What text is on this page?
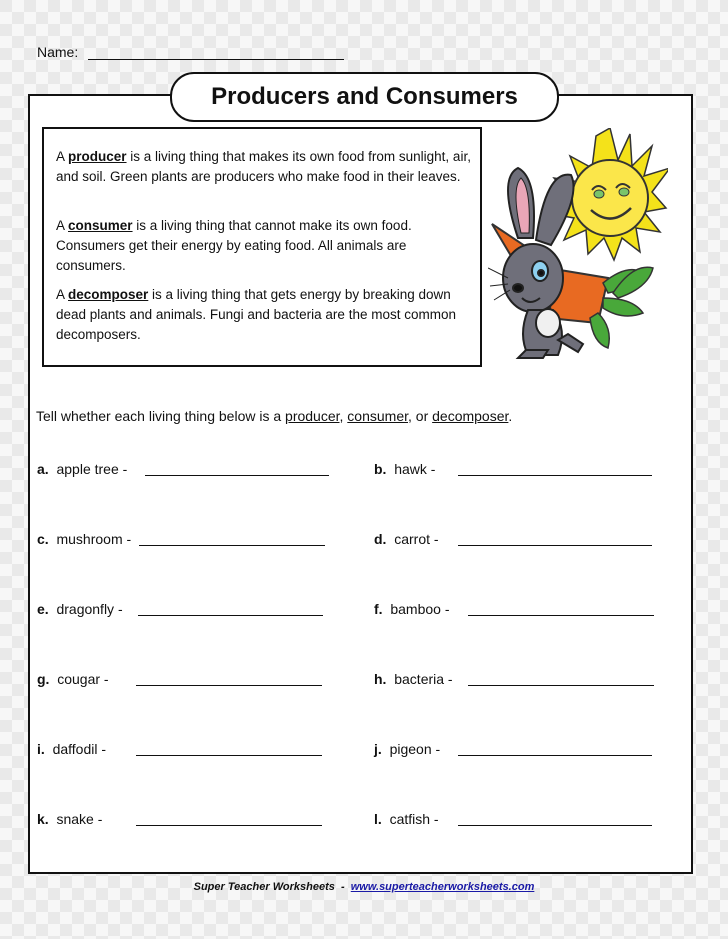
Name:
Producers and Consumers

A producer is a living thing that makes its own food from sunlight, air, and soil. Green plants are producers who make food in their leaves.

A consumer is a living thing that cannot make its own food. Consumers get their energy by eating food. All animals are consumers.

A decomposer is a living thing that gets energy by breaking down dead plants and animals. Fungi and bacteria are the most common decomposers.

Tell whether each living thing below is a producer, consumer, or decomposer.
a. apple tree -
c. mushroom -
e. dragonfly -
g. cougar -
i. daffodil -
k. snake -
b. hawk -
d. carrot -
f. bamboo -
h. bacteria -
j. pigeon -
l. catfish -
Super Teacher Worksheets  -  www.superteacherworksheets.com
